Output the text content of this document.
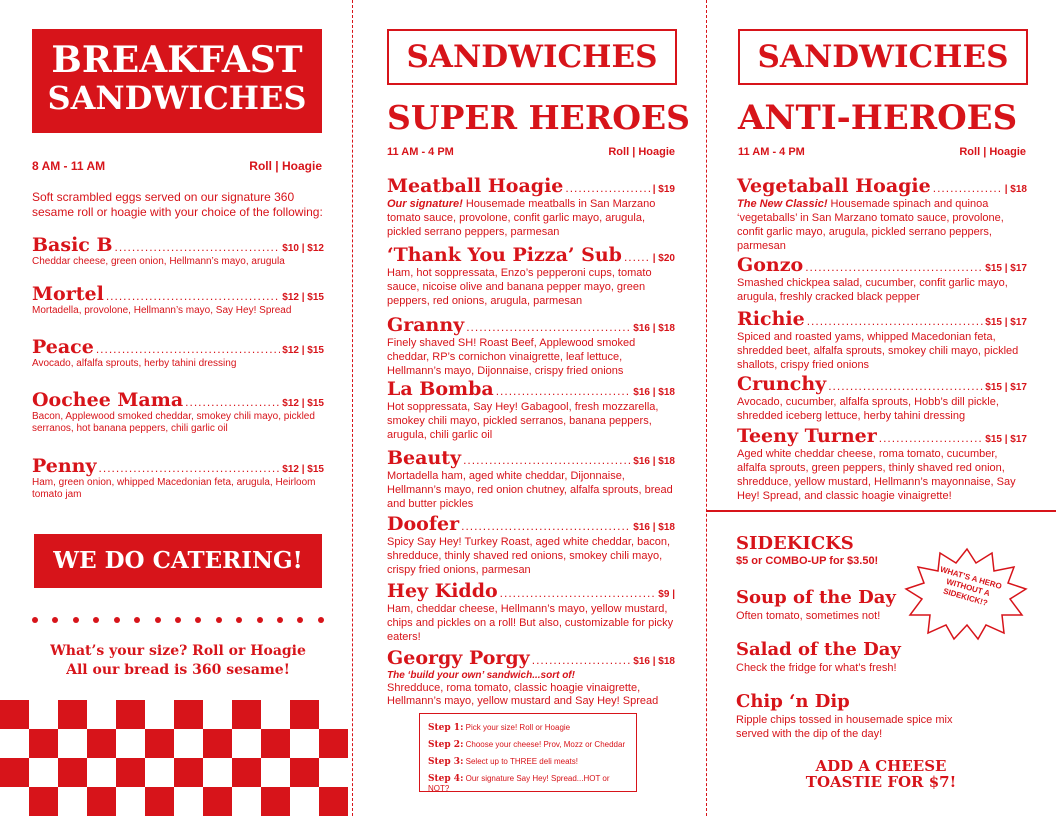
BREAKFAST
SANDWICHES
8 AM - 11 AM	Roll | Hoagie
Soft scrambled eggs served on our signature 360 sesame roll or hoagie with your choice of the following:
Basic B .....	$10 | $12
Cheddar cheese, green onion, Hellmann’s mayo, arugula
Mortel .....	$12 | $15
Mortadella, provolone, Hellmann’s mayo, Say Hey! Spread
Peace .....	$12 | $15
Avocado, alfalfa sprouts, herby tahini dressing
Oochee Mama .....	$12 | $15
Bacon, Applewood smoked cheddar, smokey chili mayo, pickled serranos, hot banana peppers, chili garlic oil
Penny .....	$12 | $15
Ham, green onion, whipped Macedonian feta, arugula, Heirloom tomato jam
WE DO CATERING!
What’s your size? Roll or Hoagie
All our bread is 360 sesame!
SANDWICHES
SUPER HEROES
11 AM - 4 PM	Roll | Hoagie
Meatball Hoagie .....	| $19
Our signature! Housemade meatballs in San Marzano tomato sauce, provolone, confit garlic mayo, arugula, pickled serrano peppers, parmesan
‘Thank You Pizza’ Sub .....	| $20
Ham, hot soppressata, Enzo’s pepperoni cups, tomato sauce, nicoise olive and banana pepper mayo, green peppers, red onions, arugula, parmesan
Granny .....	$16 | $18
Finely shaved SH! Roast Beef, Applewood smoked cheddar, RP’s cornichon vinaigrette, leaf lettuce, Hellmann’s mayo, Dijonnaise, crispy fried onions
La Bomba .....	$16 | $18
Hot soppressata, Say Hey! Gabagool, fresh mozzarella, smokey chili mayo, pickled serranos, banana peppers, arugula, chili garlic oil
Beauty .....	$16 | $18
Mortadella ham, aged white cheddar, Dijonnaise, Hellmann’s mayo, red onion chutney, alfalfa sprouts, bread and butter pickles
Doofer .....	$16 | $18
Spicy Say Hey! Turkey Roast, aged white cheddar, bacon, shredduce, thinly shaved red onions, smokey chili mayo, crispy fried onions, parmesan
Hey Kiddo .....	$9 |
Ham, cheddar cheese, Hellmann’s mayo, yellow mustard, chips and pickles on a roll! But also, customizable for picky eaters!
Georgy Porgy .....	$16 | $18
The ‘build your own’ sandwich...sort of!
Shredduce, roma tomato, classic hoagie vinaigrette, Hellmann’s mayo, yellow mustard and Say Hey! Spread
Step 1: Pick your size! Roll or Hoagie
Step 2: Choose your cheese! Prov, Mozz or Cheddar
Step 3: Select up to THREE deli meats!
Step 4: Our signature Say Hey! Spread...HOT or NOT?
SANDWICHES
ANTI-HEROES
11 AM - 4 PM	Roll | Hoagie
Vegetaball Hoagie .....	| $18
The New Classic! Housemade spinach and quinoa ‘vegetaballs’ in San Marzano tomato sauce, provolone, confit garlic mayo, arugula, pickled serrano peppers, parmesan
Gonzo .....	$15 | $17
Smashed chickpea salad, cucumber, confit garlic mayo, arugula, freshly cracked black pepper
Richie .....	$15 | $17
Spiced and roasted yams, whipped Macedonian feta, shredded beet, alfalfa sprouts, smokey chili mayo, pickled shallots, crispy fried onions
Crunchy .....	$15 | $17
Avocado, cucumber, alfalfa sprouts, Hobb’s dill pickle, shredded iceberg lettuce, herby tahini dressing
Teeny Turner .....	$15 | $17
Aged white cheddar cheese, roma tomato, cucumber, alfalfa sprouts, green peppers, thinly shaved red onion, shredduce, yellow mustard, Hellmann’s mayonnaise, Say Hey! Spread, and classic hoagie vinaigrette!
SIDEKICKS
$5 or COMBO-UP for $3.50!
WHAT’S A HERO WITHOUT A SIDEKICK!?
Soup of the Day
Often tomato, sometimes not!
Salad of the Day
Check the fridge for what’s fresh!
Chip ‘n Dip
Ripple chips tossed in housemade spice mix served with the dip of the day!
ADD A CHEESE
TOASTIE FOR $7!
